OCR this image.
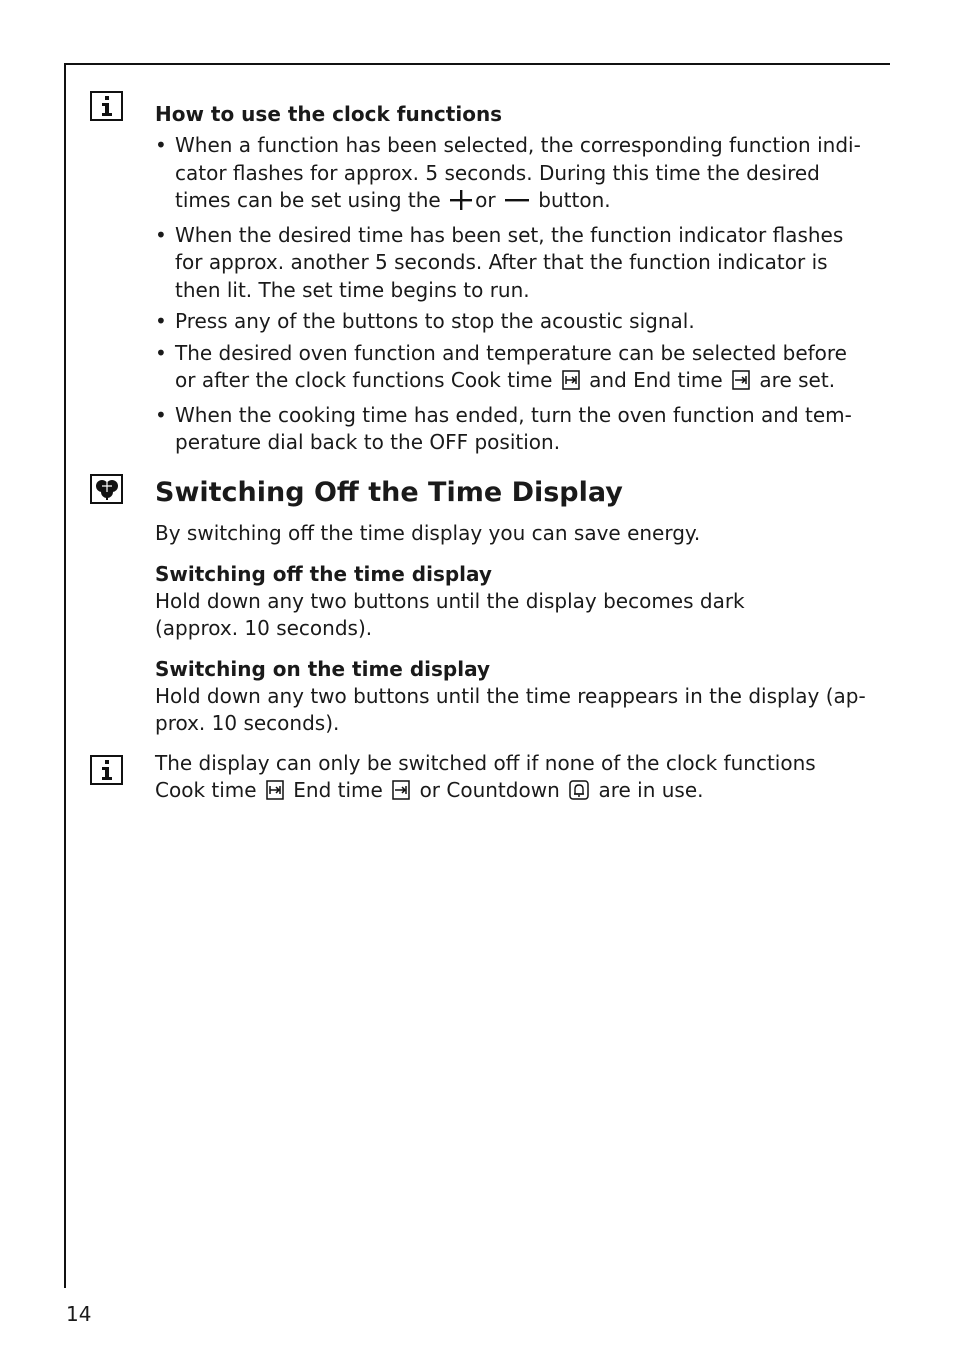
How to use the clock functions

• When a function has been selected, the corresponding function indi-cator flashes for approx. 5 seconds. During this time the desired times can be set using the or button.
• When the desired time has been set, the function indicator flashes for approx. another 5 seconds. After that the function indicator is then lit. The set time begins to run.
• Press any of the buttons to stop the acoustic signal.
• The desired oven function and temperature can be selected before or after the clock functions Cook time and End time are set.
• When the cooking time has ended, turn the oven function and tem-perature dial back to the OFF position.

Switching Off the Time Display

By switching off the time display you can save energy.

Switching off the time display

Hold down any two buttons until the display becomes dark
(approx. 10 seconds).

Switching on the time display

Hold down any two buttons until the time reappears in the display (ap-prox. 10 seconds).

The display can only be switched off if none of the clock functions
Cook time End time or Countdown are in use.

14
